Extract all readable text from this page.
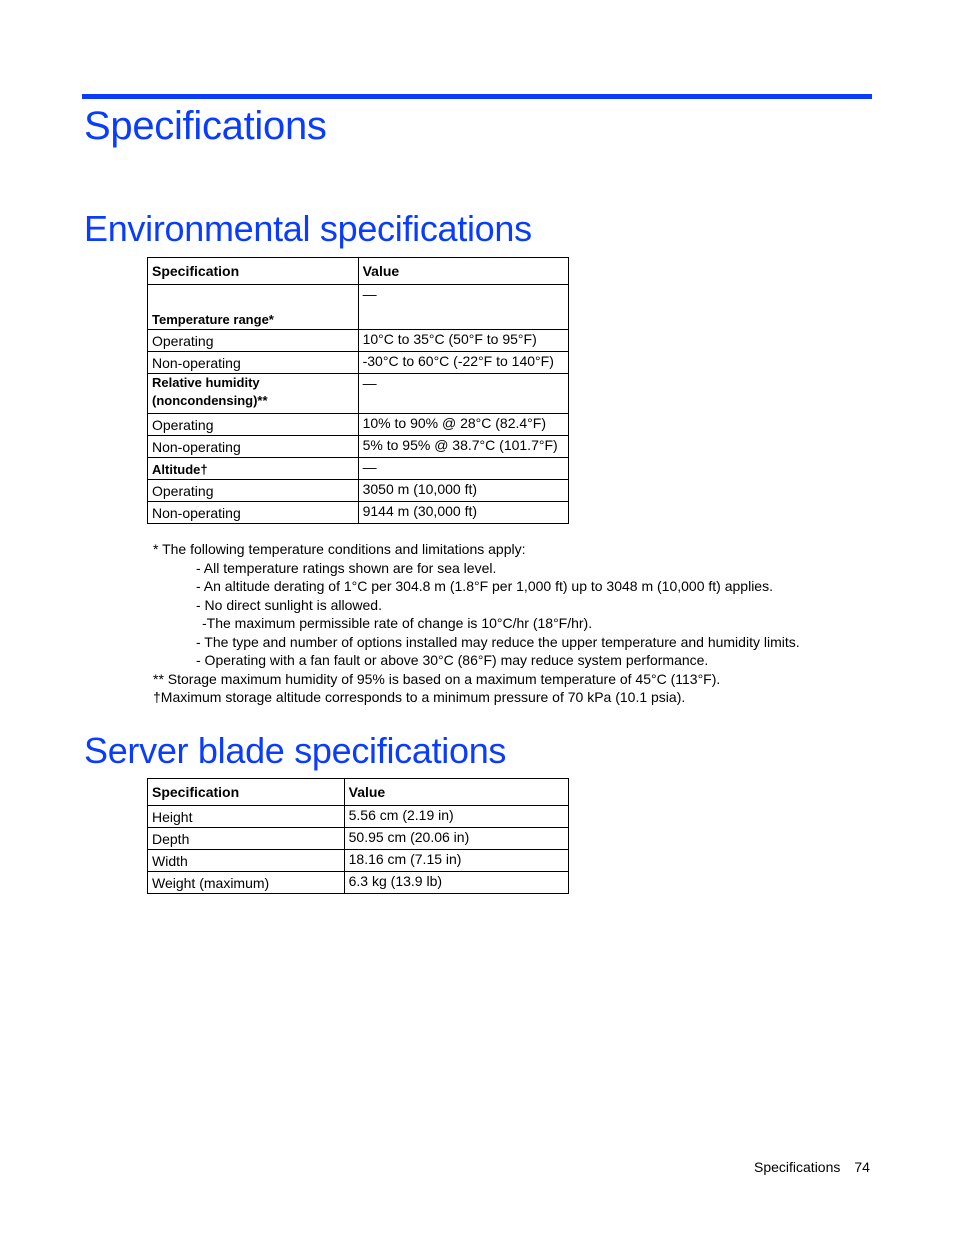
Specifications
Environmental specifications
Specification	Value
Temperature range*	—
Operating	10°C to 35°C (50°F to 95°F)
Non-operating	-30°C to 60°C (-22°F to 140°F)
Relative humidity (noncondensing)**	—
Operating	10% to 90% @ 28°C (82.4°F)
Non-operating	5% to 95% @ 38.7°C (101.7°F)
Altitude†	—
Operating	3050 m (10,000 ft)
Non-operating	9144 m (30,000 ft)
* The following temperature conditions and limitations apply:
- All temperature ratings shown are for sea level.
- An altitude derating of 1°C per 304.8 m (1.8°F per 1,000 ft) up to 3048 m (10,000 ft) applies.
- No direct sunlight is allowed.
-The maximum permissible rate of change is 10°C/hr (18°F/hr).
- The type and number of options installed may reduce the upper temperature and humidity limits.
- Operating with a fan fault or above 30°C (86°F) may reduce system performance.
** Storage maximum humidity of 95% is based on a maximum temperature of 45°C (113°F).
†Maximum storage altitude corresponds to a minimum pressure of 70 kPa (10.1 psia).
Server blade specifications
Specification	Value
Height	5.56 cm (2.19 in)
Depth	50.95 cm (20.06 in)
Width	18.16 cm (7.15 in)
Weight (maximum)	6.3 kg (13.9 lb)
Specifications 74
